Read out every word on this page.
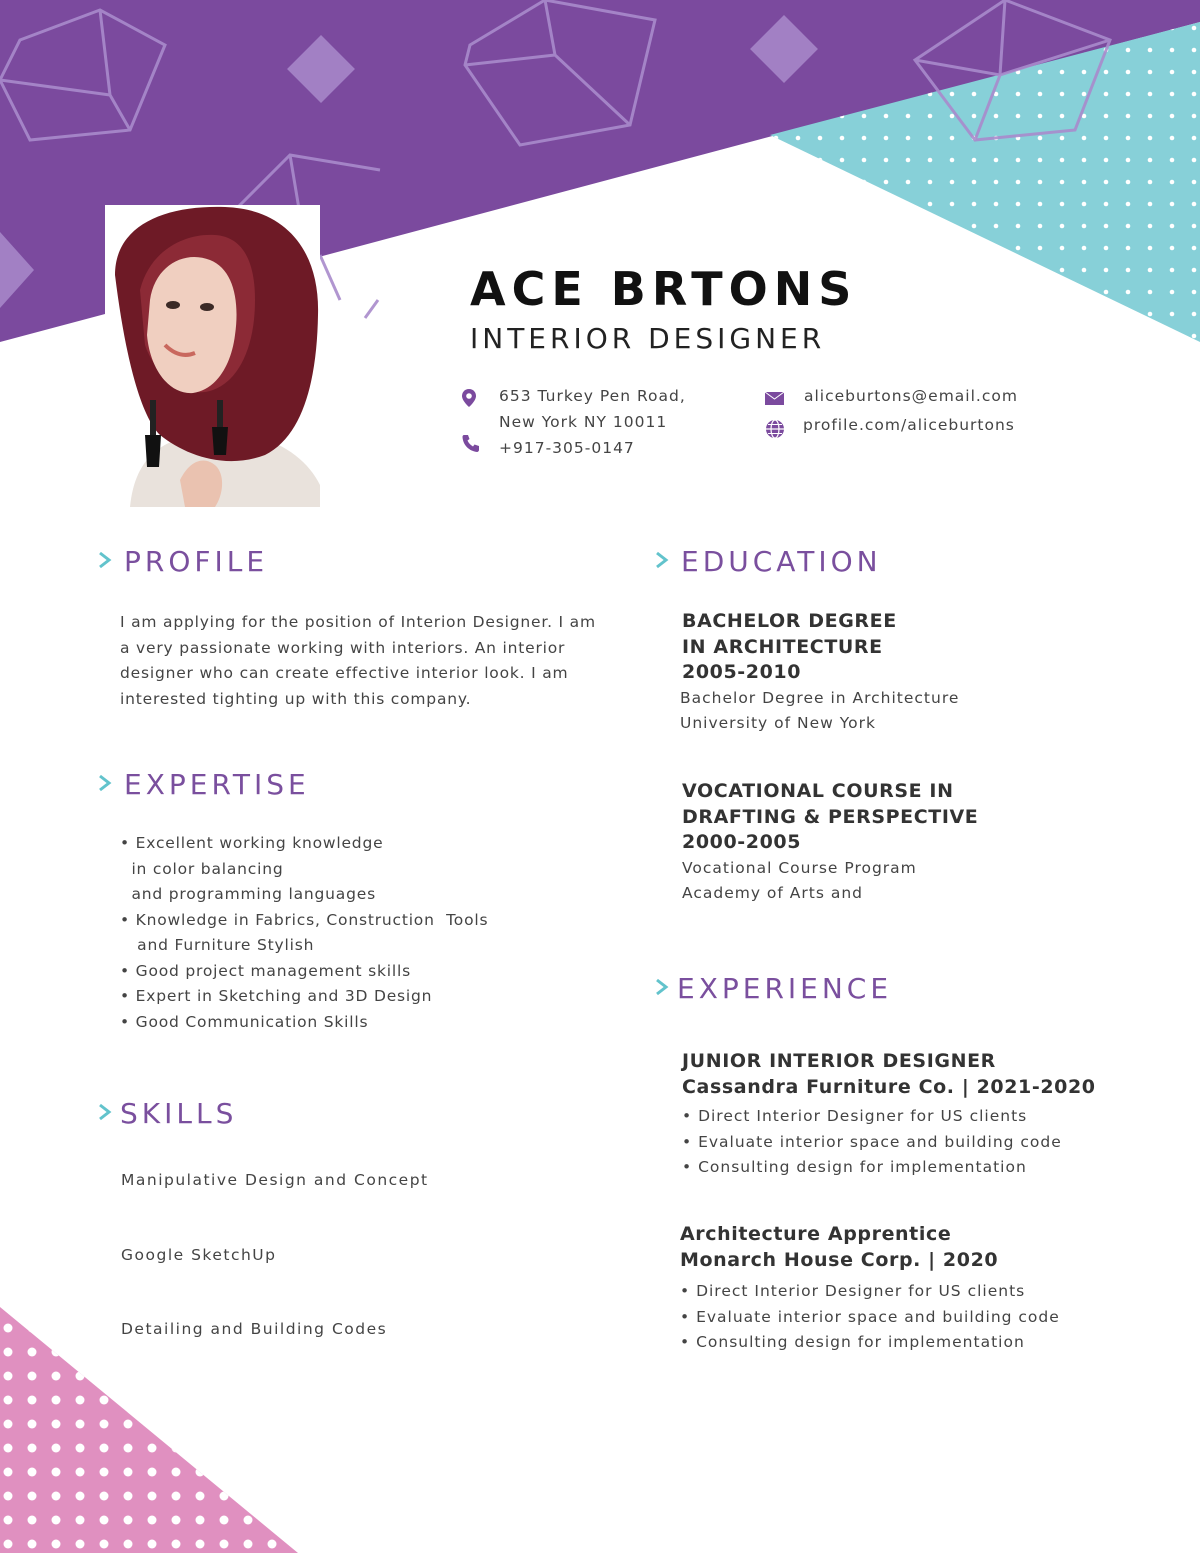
ACE BRTONS
INTERIOR DESIGNER
653 Turkey Pen Road,
New York NY 10011
+917-305-0147
aliceburtons@email.com
profile.com/aliceburtons
PROFILE
I am applying for the position of Interion Designer. I am
a very passionate working with interiors. An interior
designer who can create effective interior look. I am
interested tighting up with this company.
EXPERTISE
• Excellent working knowledge
in color balancing
and programming languages
• Knowledge in Fabrics, Construction  Tools
and Furniture Stylish
• Good project management skills
• Expert in Sketching and 3D Design
• Good Communication Skills
SKILLS
Manipulative Design and Concept
Google SketchUp
Detailing and Building Codes
EDUCATION
BACHELOR DEGREE
IN ARCHITECTURE
2005-2010
Bachelor Degree in Architecture
University of New York
VOCATIONAL COURSE IN
DRAFTING & PERSPECTIVE
2000-2005
Vocational Course Program
Academy of Arts and
EXPERIENCE
JUNIOR INTERIOR DESIGNER
Cassandra Furniture Co. | 2021-2020
• Direct Interior Designer for US clients
• Evaluate interior space and building code
• Consulting design for implementation
Architecture Apprentice
Monarch House Corp. | 2020
• Direct Interior Designer for US clients
• Evaluate interior space and building code
• Consulting design for implementation
